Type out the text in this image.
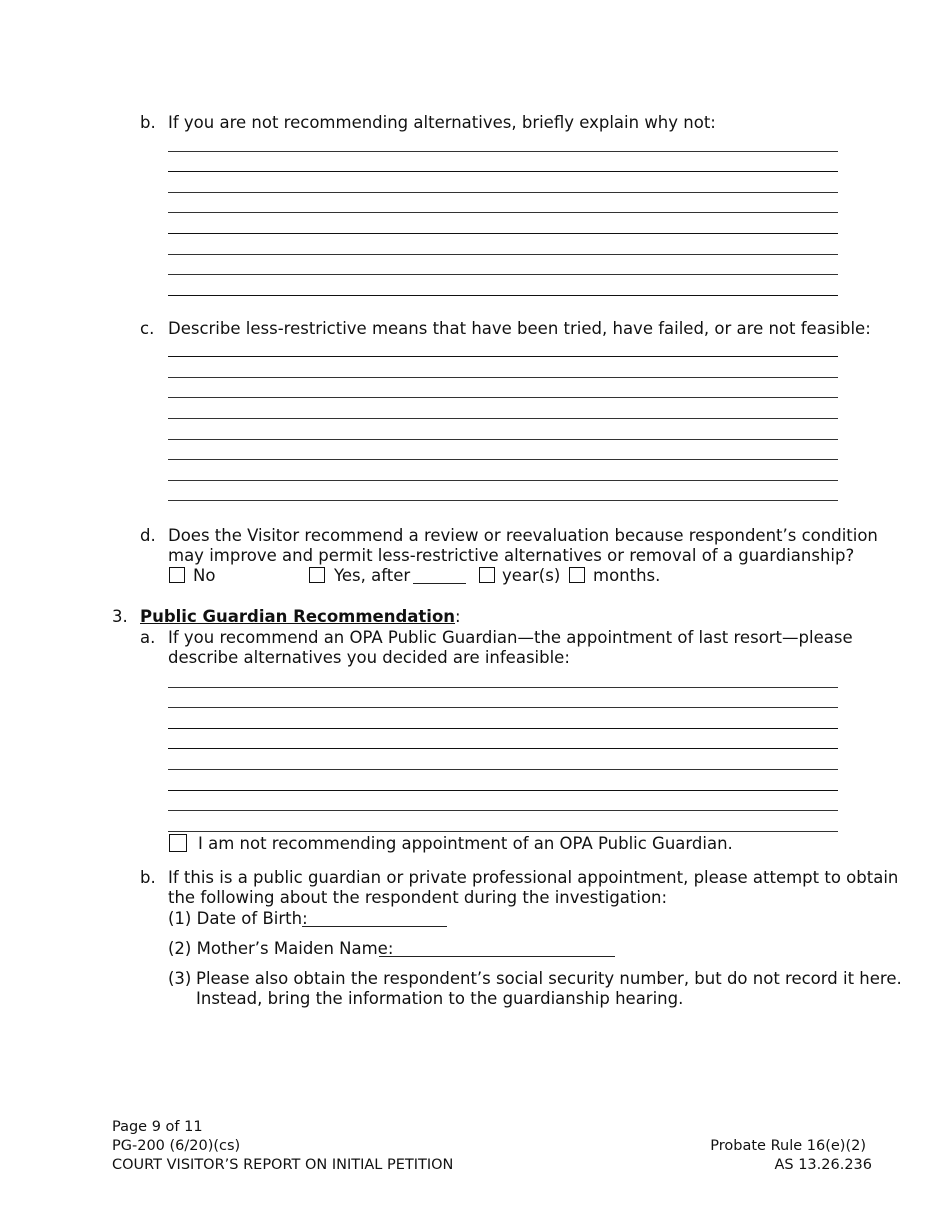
b. If you are not recommending alternatives, briefly explain why not:
c. Describe less-restrictive means that have been tried, have failed, or are not feasible:
d. Does the Visitor recommend a review or reevaluation because respondent’s condition
may improve and permit less-restrictive alternatives or removal of a guardianship?
No	Yes, after	year(s) months.
3. Public Guardian Recommendation:
a. If you recommend an OPA Public Guardian—the appointment of last resort—please
describe alternatives you decided are infeasible:
I am not recommending appointment of an OPA Public Guardian.
b. If this is a public guardian or private professional appointment, please attempt to obtain
the following about the respondent during the investigation:
(1) Date of Birth:
(2) Mother’s Maiden Name:
(3) Please also obtain the respondent’s social security number, but do not record it here.
Instead, bring the information to the guardianship hearing.
Page 9 of 11
PG-200 (6/20)(cs)
COURT VISITOR’S REPORT ON INITIAL PETITION
Probate Rule 16(e)(2)
AS 13.26.236
